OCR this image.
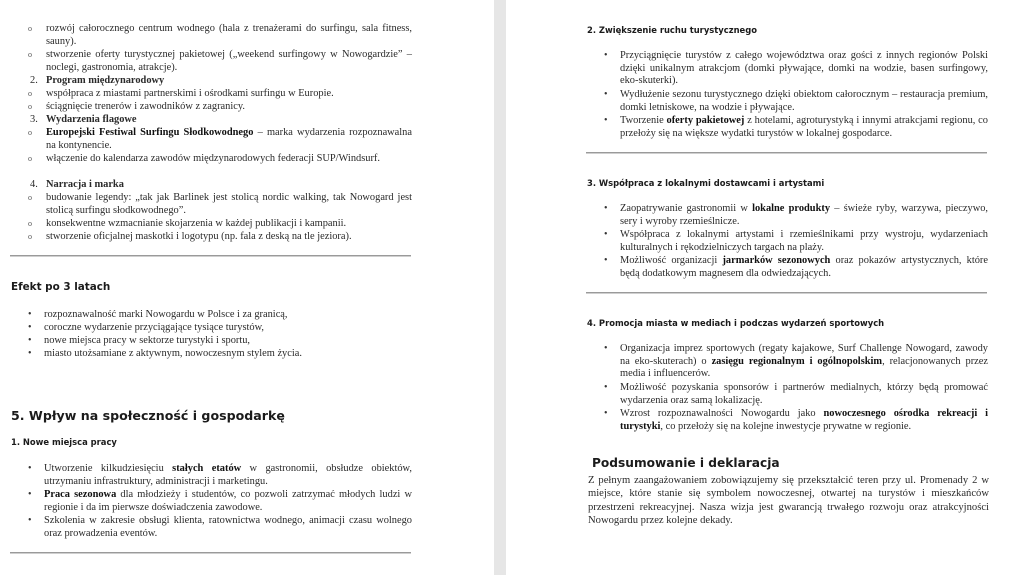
o rozwój całorocznego centrum wodnego (hala z trenażerami do surfingu, sala fitness, sauny).
o stworzenie oferty turystycznej pakietowej („weekend surfingowy w Nowogardzie” – noclegi, gastronomia, atrakcje).
2. Program międzynarodowy
o współpraca z miastami partnerskimi i ośrodkami surfingu w Europie.
o ściągnięcie trenerów i zawodników z zagranicy.
3. Wydarzenia flagowe
o Europejski Festiwal Surfingu Słodkowodnego – marka wydarzenia rozpoznawalna na kontynencie.
o włączenie do kalendarza zawodów międzynarodowych federacji SUP/Windsurf.
4. Narracja i marka
o budowanie legendy: „tak jak Barlinek jest stolicą nordic walking, tak Nowogard jest stolicą surfingu słodkowodnego”.
o konsekwentne wzmacnianie skojarzenia w każdej publikacji i kampanii.
o stworzenie oficjalnej maskotki i logotypu (np. fala z deską na tle jeziora).
Efekt po 3 latach
• rozpoznawalność marki Nowogardu w Polsce i za granicą,
• coroczne wydarzenie przyciągające tysiące turystów,
• nowe miejsca pracy w sektorze turystyki i sportu,
• miasto utożsamiane z aktywnym, nowoczesnym stylem życia.
5. Wpływ na społeczność i gospodarkę
1. Nowe miejsca pracy
• Utworzenie kilkudziesięciu stałych etatów w gastronomii, obsłudze obiektów, utrzymaniu infrastruktury, administracji i marketingu.
• Praca sezonowa dla młodzieży i studentów, co pozwoli zatrzymać młodych ludzi w regionie i da im pierwsze doświadczenia zawodowe.
• Szkolenia w zakresie obsługi klienta, ratownictwa wodnego, animacji czasu wolnego oraz prowadzenia eventów.
2. Zwiększenie ruchu turystycznego
• Przyciągnięcie turystów z całego województwa oraz gości z innych regionów Polski dzięki unikalnym atrakcjom (domki pływające, domki na wodzie, basen surfingowy, eko-skuterki).
• Wydłużenie sezonu turystycznego dzięki obiektom całorocznym – restauracja premium, domki letniskowe, na wodzie i pływające.
• Tworzenie oferty pakietowej z hotelami, agroturystyką i innymi atrakcjami regionu, co przełoży się na większe wydatki turystów w lokalnej gospodarce.
3. Współpraca z lokalnymi dostawcami i artystami
• Zaopatrywanie gastronomii w lokalne produkty – świeże ryby, warzywa, pieczywo, sery i wyroby rzemieślnicze.
• Współpraca z lokalnymi artystami i rzemieślnikami przy wystroju, wydarzeniach kulturalnych i rękodzielniczych targach na plaży.
• Możliwość organizacji jarmarków sezonowych oraz pokazów artystycznych, które będą dodatkowym magnesem dla odwiedzających.
4. Promocja miasta w mediach i podczas wydarzeń sportowych
• Organizacja imprez sportowych (regaty kajakowe, Surf Challenge Nowogard, zawody na eko-skuterach) o zasięgu regionalnym i ogólnopolskim, relacjonowanych przez media i influencerów.
• Możliwość pozyskania sponsorów i partnerów medialnych, którzy będą promować wydarzenia oraz samą lokalizację.
• Wzrost rozpoznawalności Nowogardu jako nowoczesnego ośrodka rekreacji i turystyki, co przełoży się na kolejne inwestycje prywatne w regionie.
Podsumowanie i deklaracja
Z pełnym zaangażowaniem zobowiązujemy się przekształcić teren przy ul. Promenady 2 w miejsce, które stanie się symbolem nowoczesnej, otwartej na turystów i mieszkańców przestrzeni rekreacyjnej. Nasza wizja jest gwarancją trwałego rozwoju oraz atrakcyjności Nowogardu przez kolejne dekady.
